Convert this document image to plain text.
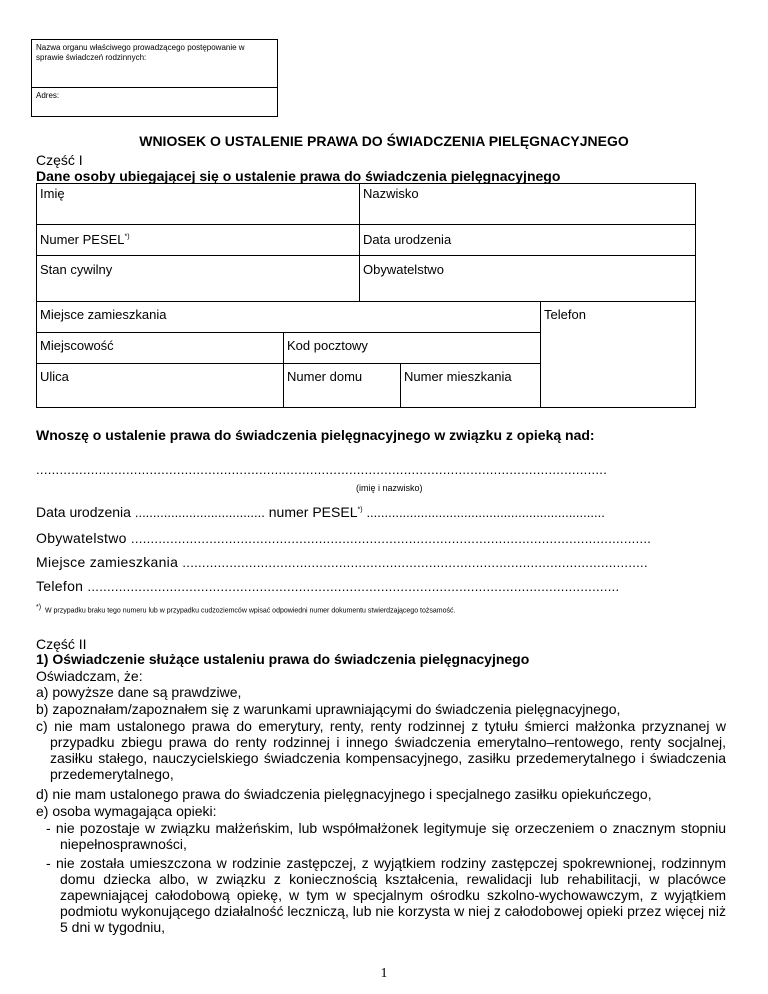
Nazwa organu właściwego prowadzącego postępowanie w sprawie świadczeń rodzinnych:
Adres:
WNIOSEK O USTALENIE PRAWA DO ŚWIADCZENIA PIELĘGNACYJNEGO
Część I
Dane osoby ubiegającej się o ustalenie prawa do świadczenia pielęgnacyjnego
Imię	Nazwisko
Numer PESEL*)	Data urodzenia
Stan cywilny	Obywatelstwo
Miejsce zamieszkania	Telefon
Miejscowość	Kod pocztowy
Ulica	Numer domu	Numer mieszkania
Wnoszę o ustalenie prawa do świadczenia pielęgnacyjnego w związku z opieką nad:
..................................................................................................................................................
(imię i nazwisko)
Data urodzenia .................................... numer PESEL*) ..................................................................
Obywatelstwo .....................................................................................................................................
Miejsce zamieszkania .......................................................................................................................
Telefon ........................................................................................................................................
*) W przypadku braku tego numeru lub w przypadku cudzoziemców wpisać odpowiedni numer dokumentu stwierdzającego tożsamość.
Część II
1) Oświadczenie służące ustaleniu prawa do świadczenia pielęgnacyjnego
Oświadczam, że:
a) powyższe dane są prawdziwe,
b) zapoznałam/zapoznałem się z warunkami uprawniającymi do świadczenia pielęgnacyjnego,
c) nie mam ustalonego prawa do emerytury, renty, renty rodzinnej z tytułu śmierci małżonka przyznanej w przypadku zbiegu prawa do renty rodzinnej i innego świadczenia emerytalno–rentowego, renty socjalnej, zasiłku stałego, nauczycielskiego świadczenia kompensacyjnego, zasiłku przedemerytalnego i świadczenia przedemerytalnego,
d) nie mam ustalonego prawa do świadczenia pielęgnacyjnego i specjalnego zasiłku opiekuńczego,
e) osoba wymagająca opieki:
- nie pozostaje w związku małżeńskim, lub współmałżonek legitymuje się orzeczeniem o znacznym stopniu niepełnosprawności,
- nie została umieszczona w rodzinie zastępczej, z wyjątkiem rodziny zastępczej spokrewnionej, rodzinnym domu dziecka albo, w związku z koniecznością kształcenia, rewalidacji lub rehabilitacji, w placówce zapewniającej całodobową opiekę, w tym w specjalnym ośrodku szkolno-wychowawczym, z wyjątkiem podmiotu wykonującego działalność leczniczą, lub nie korzysta w niej z całodobowej opieki przez więcej niż 5 dni w tygodniu,
1
